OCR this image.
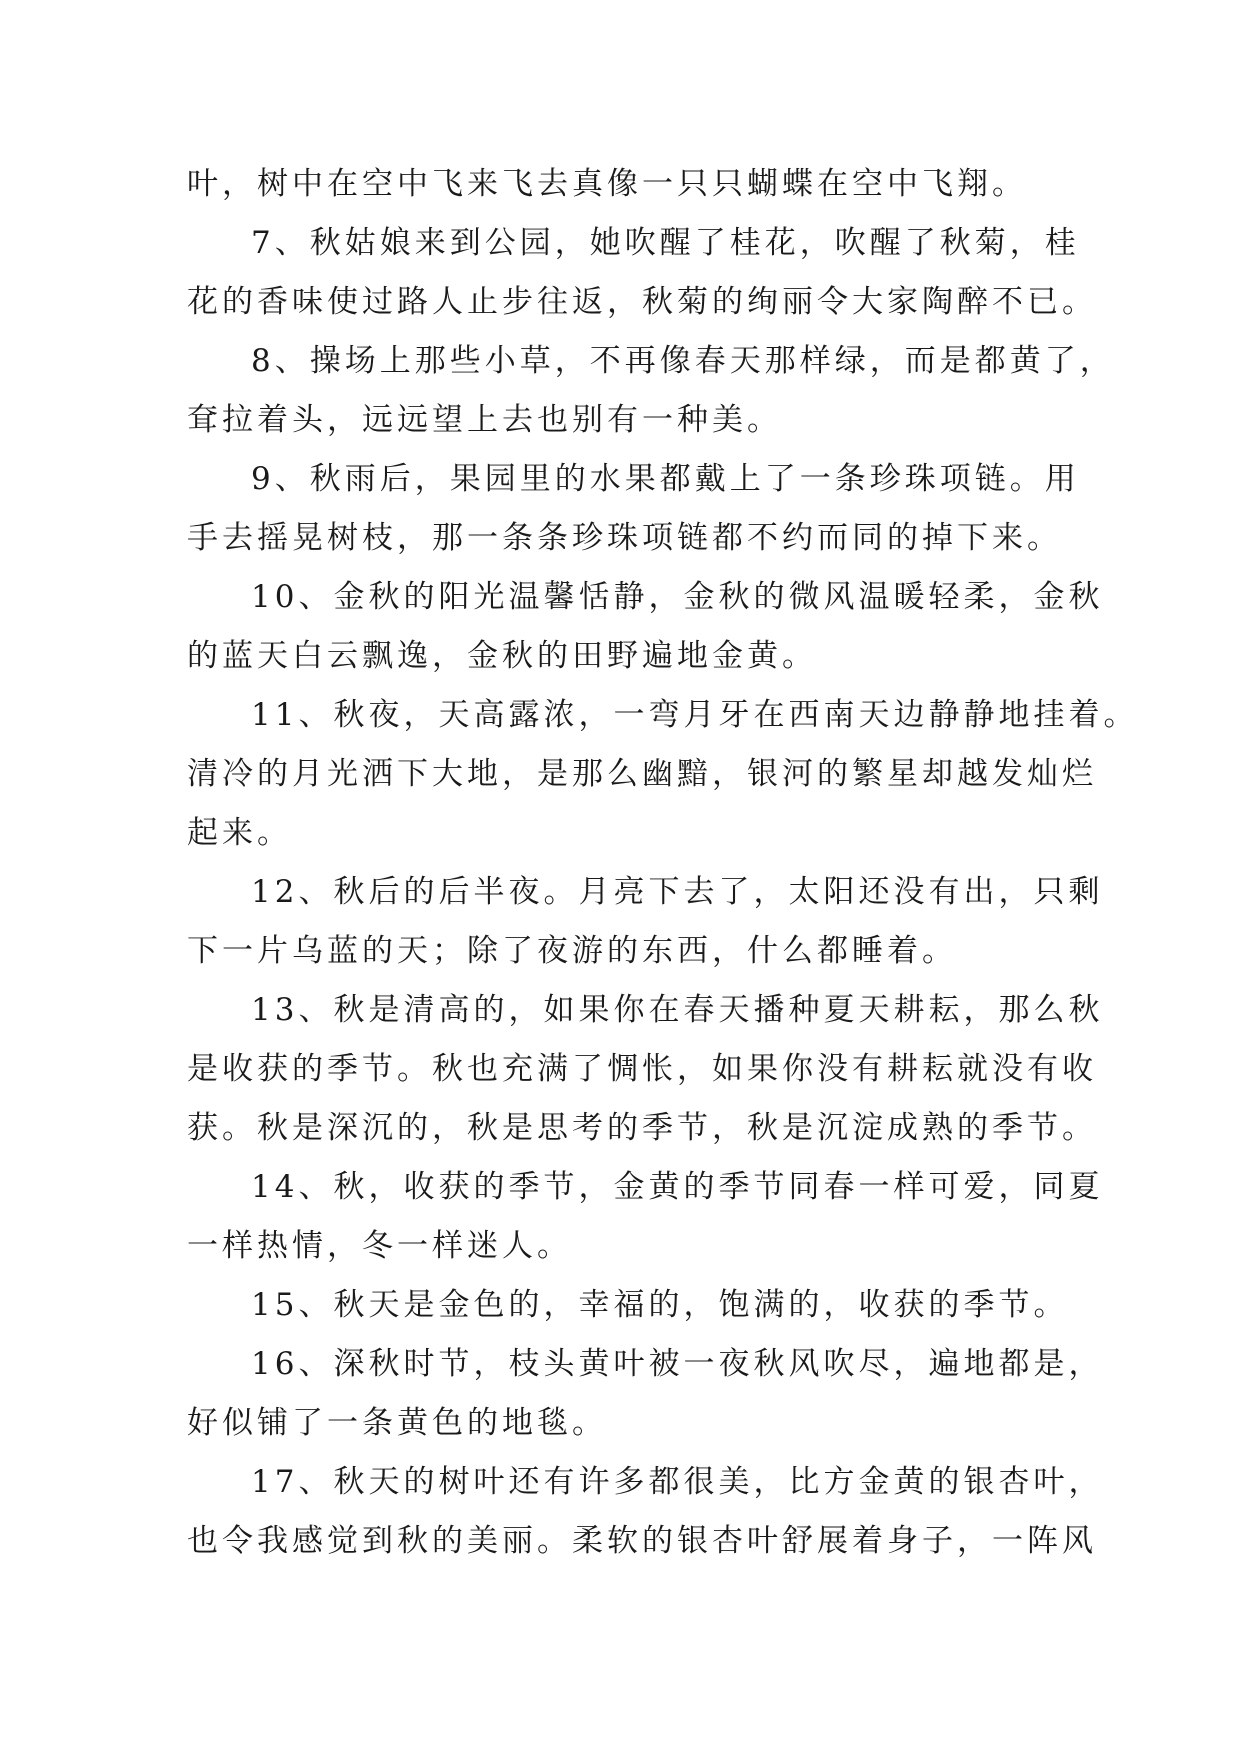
叶，树中在空中飞来飞去真像一只只蝴蝶在空中飞翔。
7、秋姑娘来到公园，她吹醒了桂花，吹醒了秋菊，桂
花的香味使过路人止步往返，秋菊的绚丽令大家陶醉不已。
8、操场上那些小草，不再像春天那样绿，而是都黄了，
耷拉着头，远远望上去也别有一种美。
9、秋雨后，果园里的水果都戴上了一条珍珠项链。用
手去摇晃树枝，那一条条珍珠项链都不约而同的掉下来。
10、金秋的阳光温馨恬静，金秋的微风温暖轻柔，金秋
的蓝天白云飘逸，金秋的田野遍地金黄。
11、秋夜，天高露浓，一弯月牙在西南天边静静地挂着。
清冷的月光洒下大地，是那么幽黯，银河的繁星却越发灿烂
起来。
12、秋后的后半夜。月亮下去了，太阳还没有出，只剩
下一片乌蓝的天；除了夜游的东西，什么都睡着。
13、秋是清高的，如果你在春天播种夏天耕耘，那么秋
是收获的季节。秋也充满了惆怅，如果你没有耕耘就没有收
获。秋是深沉的，秋是思考的季节，秋是沉淀成熟的季节。
14、秋，收获的季节，金黄的季节同春一样可爱，同夏
一样热情，冬一样迷人。
15、秋天是金色的，幸福的，饱满的，收获的季节。
16、深秋时节，枝头黄叶被一夜秋风吹尽，遍地都是，
好似铺了一条黄色的地毯。
17、秋天的树叶还有许多都很美，比方金黄的银杏叶，
也令我感觉到秋的美丽。柔软的银杏叶舒展着身子，一阵风
